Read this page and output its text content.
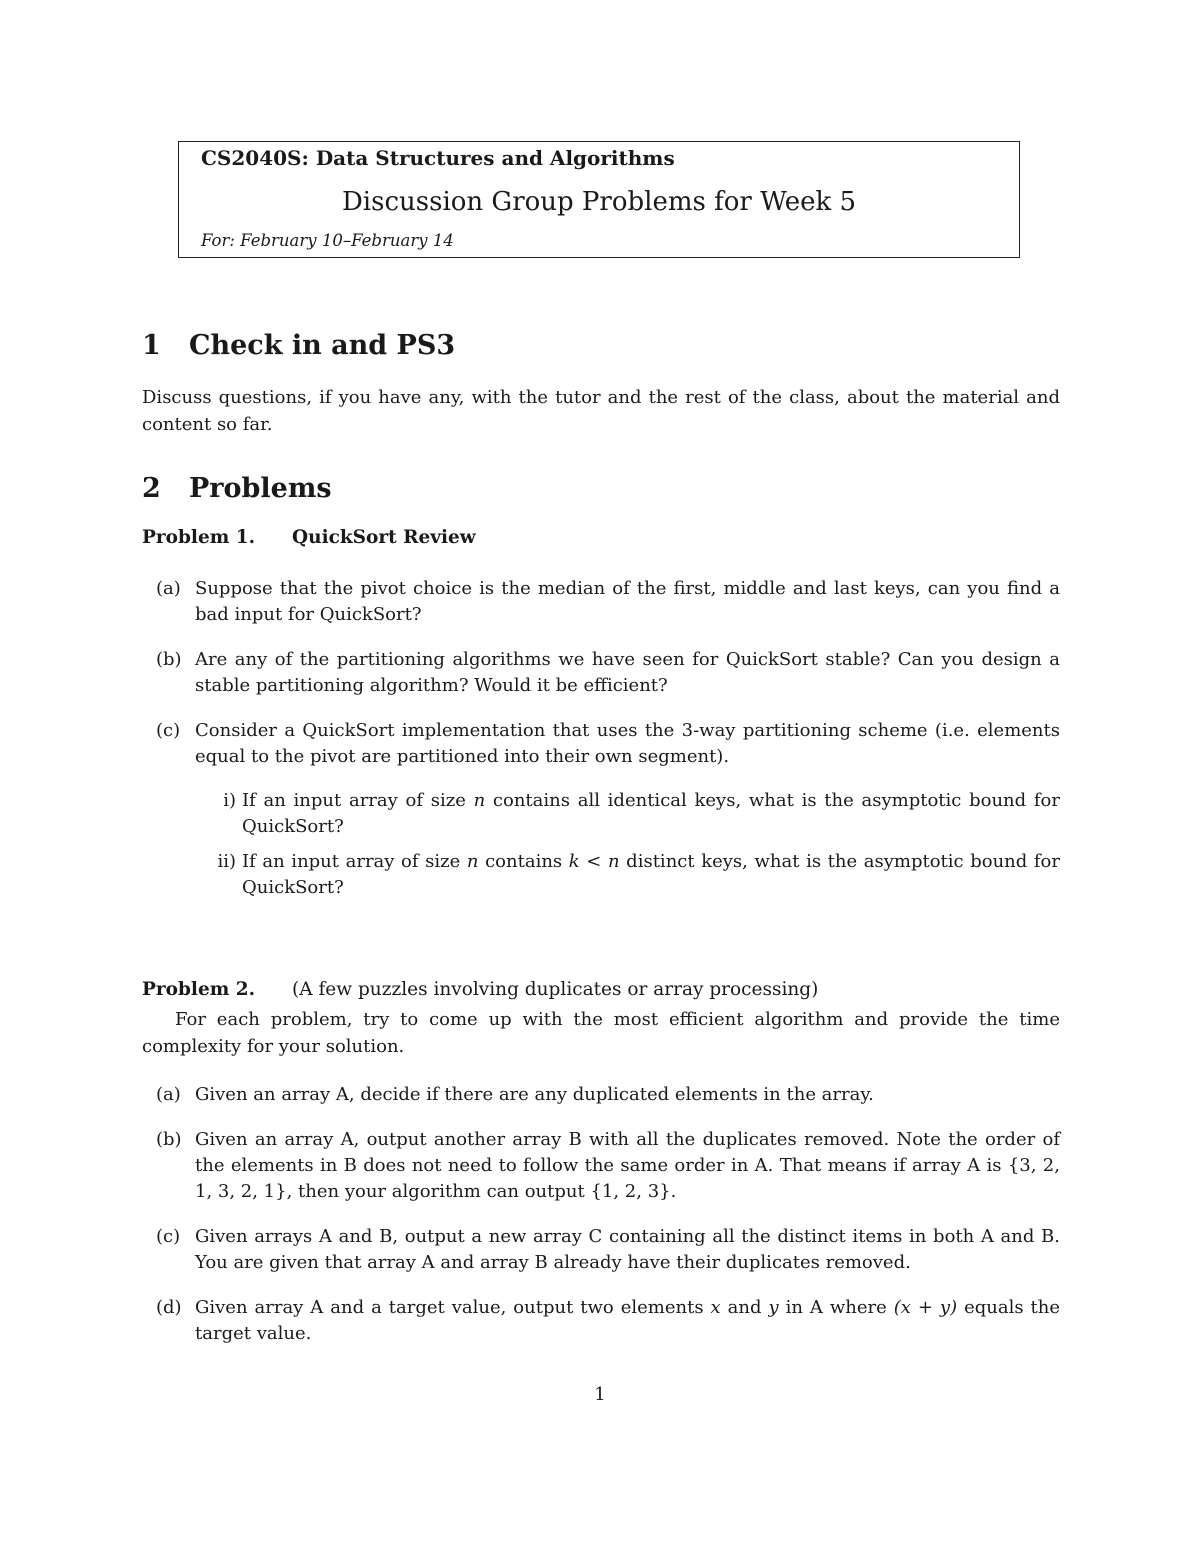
CS2040S: Data Structures and Algorithms
Discussion Group Problems for Week 5
For: February 10–February 14
1 Check in and PS3
Discuss questions, if you have any, with the tutor and the rest of the class, about the material and content so far.
2 Problems
Problem 1. QuickSort Review
(a) Suppose that the pivot choice is the median of the first, middle and last keys, can you find a bad input for QuickSort?
(b) Are any of the partitioning algorithms we have seen for QuickSort stable? Can you design a stable partitioning algorithm? Would it be efficient?
(c) Consider a QuickSort implementation that uses the 3-way partitioning scheme (i.e. elements equal to the pivot are partitioned into their own segment).
i) If an input array of size n contains all identical keys, what is the asymptotic bound for QuickSort?
ii) If an input array of size n contains k < n distinct keys, what is the asymptotic bound for QuickSort?
Problem 2. (A few puzzles involving duplicates or array processing)
For each problem, try to come up with the most efficient algorithm and provide the time complexity for your solution.
(a) Given an array A, decide if there are any duplicated elements in the array.
(b) Given an array A, output another array B with all the duplicates removed. Note the order of the elements in B does not need to follow the same order in A. That means if array A is {3, 2, 1, 3, 2, 1}, then your algorithm can output {1, 2, 3}.
(c) Given arrays A and B, output a new array C containing all the distinct items in both A and B. You are given that array A and array B already have their duplicates removed.
(d) Given array A and a target value, output two elements x and y in A where (x + y) equals the target value.
1
